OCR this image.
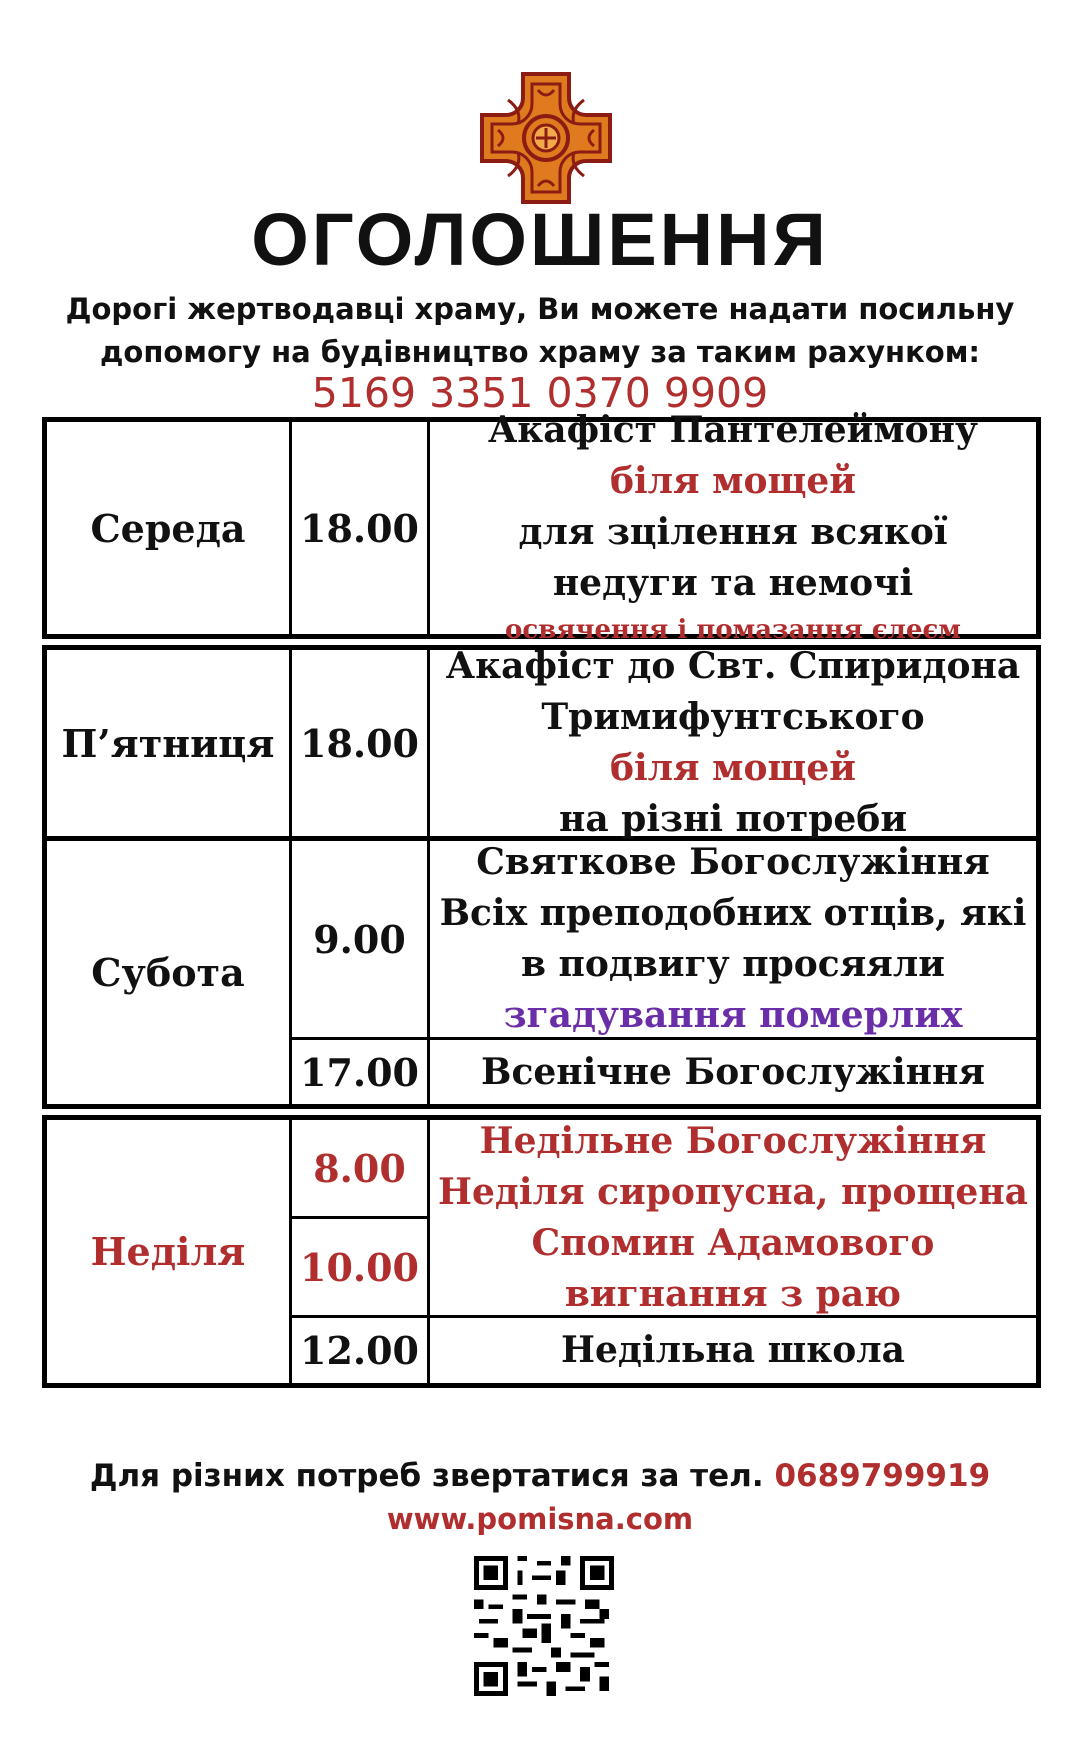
ОГОЛОШЕННЯ
Дорогі жертводавці храму, Ви можете надати посильну
допомогу на будівництво храму за таким рахунком:
5169 3351 0370 9909
Середа	18.00
Акафіст Пантелеймону
біля мощей
для зцілення всякої
недуги та немочі
освячення і помазання єлеєм
П’ятниця 18.00
Акафіст до Свт. Спиридона
Тримифунтського
біля мощей
на різні потреби
Субота
9.00
Святкове Богослужіння
Всіх преподобних отців, які
в подвигу просяяли
згадування померлих
17.00 Всенічне Богослужіння
Неділя
8.00
10.00
Недільне Богослужіння
Неділя сиропусна, прощена
Спомин Адамового
вигнання з раю
12.00	Недільна школа
Для різних потреб звертатися за тел. 0689799919
www.pomisna.com
